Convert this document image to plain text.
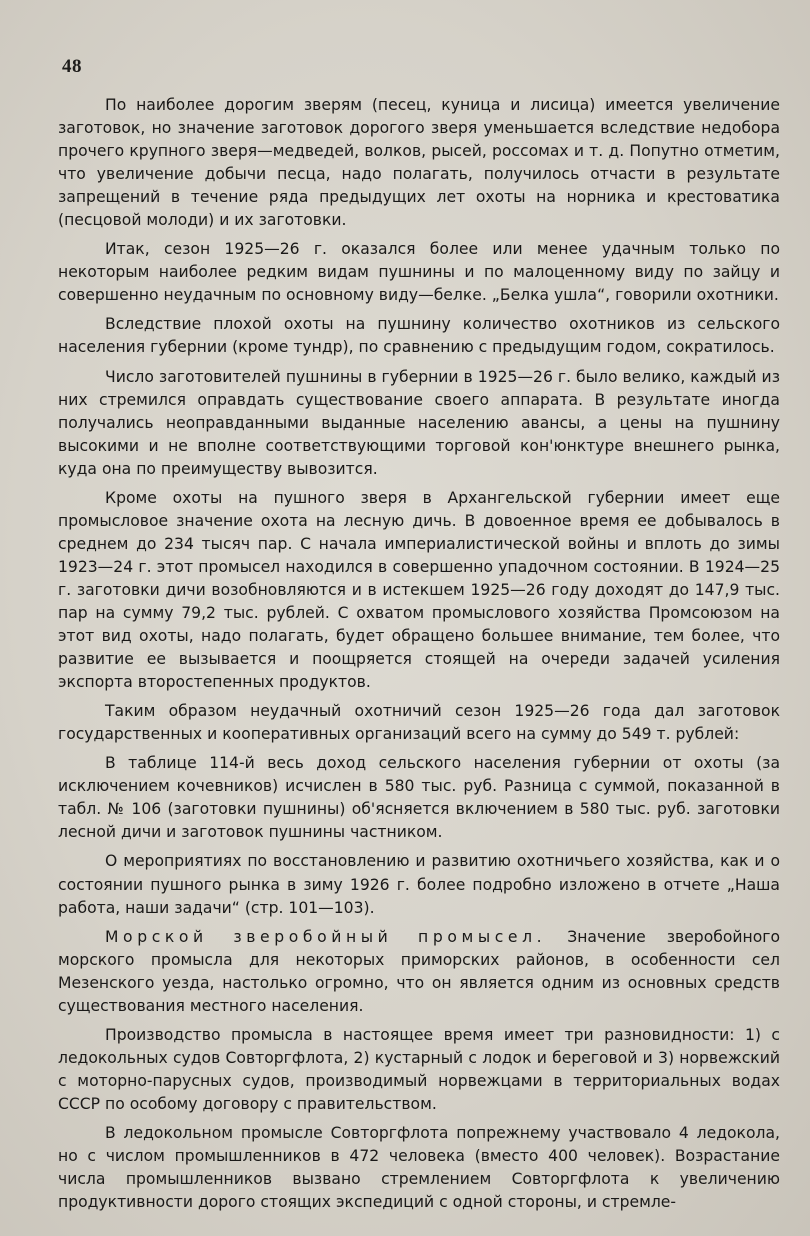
48

По наиболее дорогим зверям (песец, куница и лисица) имеется увеличение заготовок, но значение заготовок дорогого зверя уменьшается вследствие недобора прочего крупного зверя—медведей, волков, рысей, россомах и т. д. Попутно отметим, что увеличение добычи песца, надо полагать, получилось отчасти в результате запрещений в течение ряда предыдущих лет охоты на норника и крестоватика (песцовой молоди) и их заготовки.

Итак, сезон 1925—26 г. оказался более или менее удачным только по некоторым наиболее редким видам пушнины и по малоценному виду по зайцу и совершенно неудачным по основному виду—белке. „Белка ушла“, говорили охотники.

Вследствие плохой охоты на пушнину количество охотников из сельского населения губернии (кроме тундр), по сравнению с предыдущим годом, сократилось.

Число заготовителей пушнины в губернии в 1925—26 г. было велико, каждый из них стремился оправдать существование своего аппарата. В результате иногда получались неоправданными выданные населению авансы, а цены на пушнину высокими и не вполне соответствующими торговой кон'юнктуре внешнего рынка, куда она по преимуществу вывозится.

Кроме охоты на пушного зверя в Архангельской губернии имеет еще промысловое значение охота на лесную дичь. В довоенное время ее добывалось в среднем до 234 тысяч пар. С начала империалистической войны и вплоть до зимы 1923—24 г. этот промысел находился в совершенно упадочном состоянии. В 1924—25 г. заготовки дичи возобновляются и в истекшем 1925—26 году доходят до 147,9 тыс. пар на сумму 79,2 тыс. рублей. С охватом промыслового хозяйства Промсоюзом на этот вид охоты, надо полагать, будет обращено большее внимание, тем более, что развитие ее вызывается и поощряется стоящей на очереди задачей усиления экспорта второстепенных продуктов.

Таким образом неудачный охотничий сезон 1925—26 года дал заготовок государственных и кооперативных организаций всего на сумму до 549 т. рублей:

В таблице 114-й весь доход сельского населения губернии от охоты (за исключением кочевников) исчислен в 580 тыс. руб. Разница с суммой, показанной в табл. № 106 (заготовки пушнины) об'ясняется включением в 580 тыс. руб. заготовки лесной дичи и заготовок пушнины частником.

О мероприятиях по восстановлению и развитию охотничьего хозяйства, как и о состоянии пушного рынка в зиму 1926 г. более подробно изложено в отчете „Наша работа, наши задачи“ (стр. 101—103).

Морской зверобойный промысел. Значение зверобойного морского промысла для некоторых приморских районов, в особенности сел Мезенского уезда, настолько огромно, что он является одним из основных средств существования местного населения.

Производство промысла в настоящее время имеет три разновидности: 1) с ледокольных судов Совторгфлота, 2) кустарный с лодок и береговой и 3) норвежский с моторно-парусных судов, производимый норвежцами в территориальных водах СССР по особому договору с правительством.

В ледокольном промысле Совторгфлота попрежнему участвовало 4 ледокола, но с числом промышленников в 472 человека (вместо 400 человек). Возрастание числа промышленников вызвано стремлением Совторгфлота к увеличению продуктивности дорого стоящих экспедиций с одной стороны, и стремле-
